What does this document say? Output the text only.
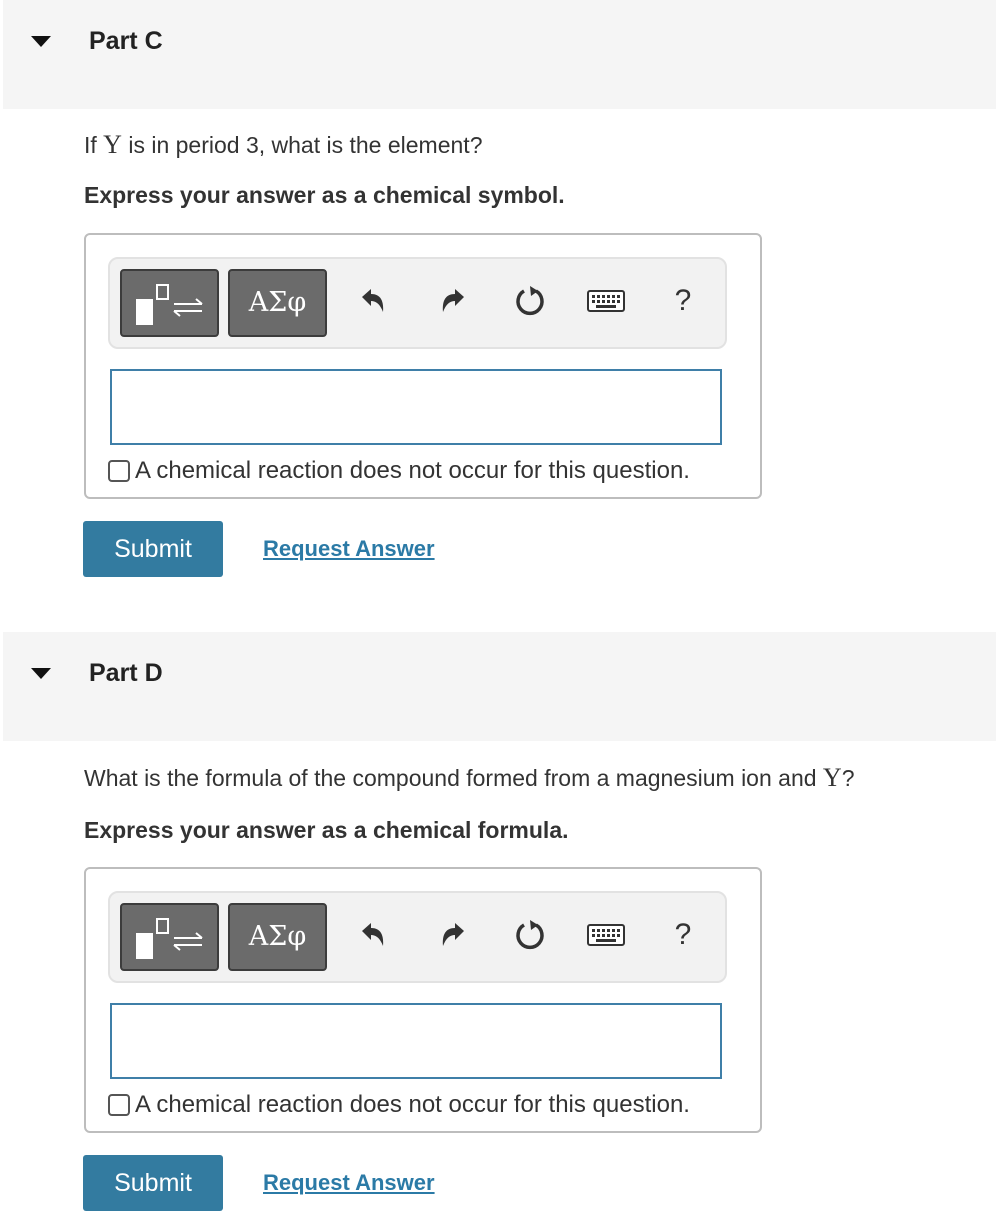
Part C
If Y is in period 3, what is the element?
Express your answer as a chemical symbol.
ΑΣφ	?
A chemical reaction does not occur for this question.
Submit	Request Answer
Part D
What is the formula of the compound formed from a magnesium ion and Y?
Express your answer as a chemical formula.
ΑΣφ	?
A chemical reaction does not occur for this question.
Submit	Request Answer
